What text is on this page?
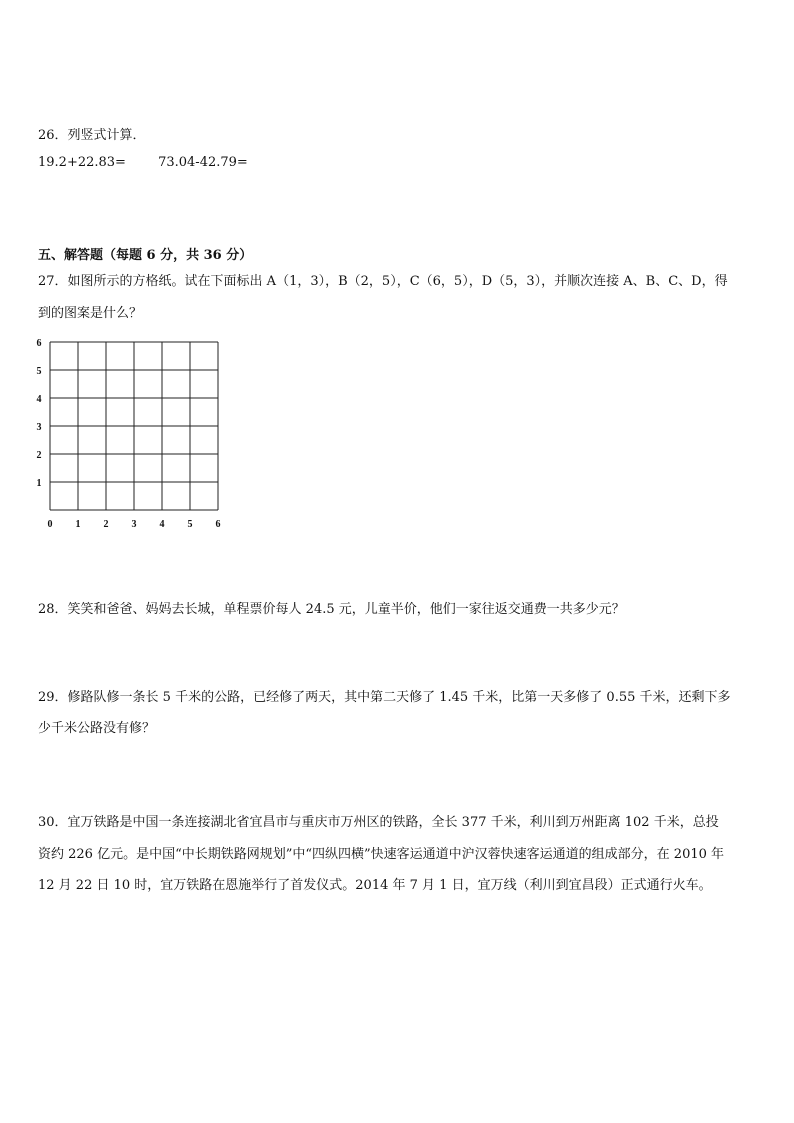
26．列竖式计算．
19.2+22.83= 73.04-42.79=
五、解答题（每题 6 分，共 36 分）
27．如图所示的方格纸。试在下面标出 A（1，3），B（2，5），C（6，5），D（5，3），并顺次连接 A、B、C、D，得
到的图案是什么？
1
2
3
4
5
6
0 1 2 3 4 5 6
28．笑笑和爸爸、妈妈去长城，单程票价每人 24.5 元，儿童半价，他们一家往返交通费一共多少元？
29．修路队修一条长 5 千米的公路，已经修了两天，其中第二天修了 1.45 千米，比第一天多修了 0.55 千米，还剩下多
少千米公路没有修？
30．宜万铁路是中国一条连接湖北省宜昌市与重庆市万州区的铁路，全长 377 千米，利川到万州距离 102 千米，总投
资约 226 亿元。是中国“中长期铁路网规划”中“四纵四横”快速客运通道中沪汉蓉快速客运通道的组成部分，在 2010 年
12 月 22 日 10 时，宜万铁路在恩施举行了首发仪式。2014 年 7 月 1 日，宜万线（利川到宜昌段）正式通行火车。
